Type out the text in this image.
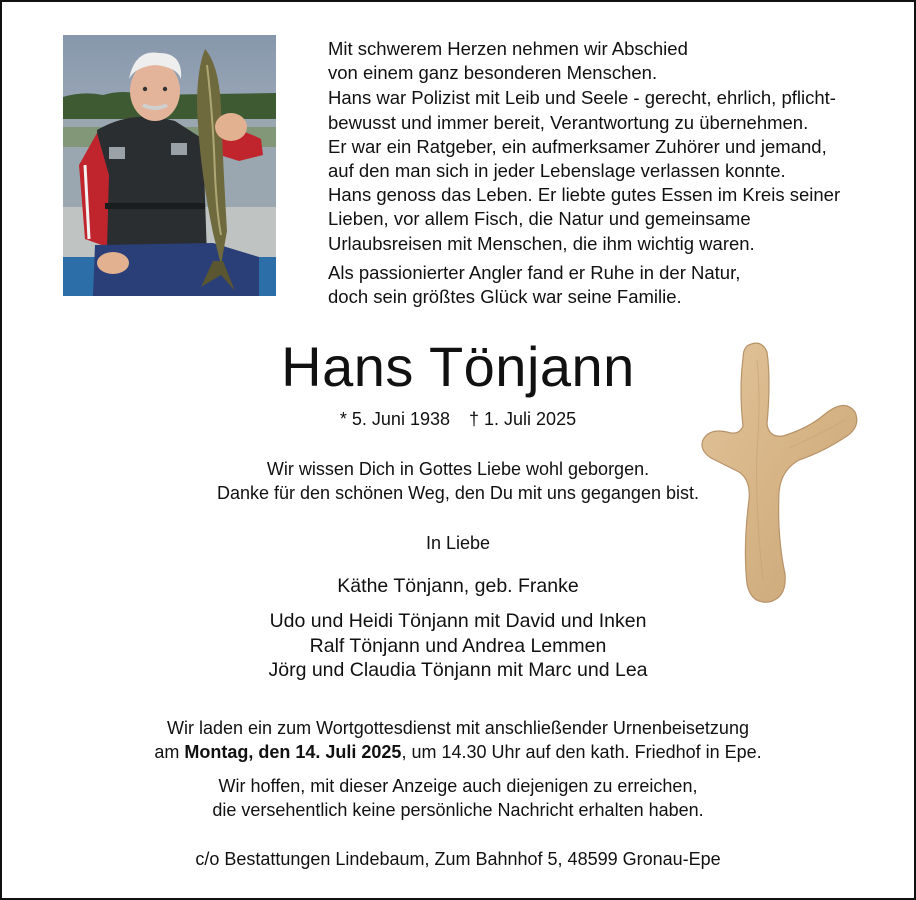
Mit schwerem Herzen nehmen wir Abschied
von einem ganz besonderen Menschen.

Hans war Polizist mit Leib und Seele - gerecht, ehrlich, pflicht-
bewusst und immer bereit, Verantwortung zu übernehmen.
Er war ein Ratgeber, ein aufmerksamer Zuhörer und jemand,
auf den man sich in jeder Lebenslage verlassen konnte.
Hans genoss das Leben. Er liebte gutes Essen im Kreis seiner
Lieben, vor allem Fisch, die Natur und gemeinsame
Urlaubsreisen mit Menschen, die ihm wichtig waren.

Als passionierter Angler fand er Ruhe in der Natur,
doch sein größtes Glück war seine Familie.

Hans Tönjann
* 5. Juni 1938 † 1. Juli 2025
Wir wissen Dich in Gottes Liebe wohl geborgen.
Danke für den schönen Weg, den Du mit uns gegangen bist.
In Liebe
Käthe Tönjann, geb. Franke
Udo und Heidi Tönjann mit David und Inken
Ralf Tönjann und Andrea Lemmen
Jörg und Claudia Tönjann mit Marc und Lea
Wir laden ein zum Wortgottesdienst mit anschließender Urnenbeisetzung
am Montag, den 14. Juli 2025, um 14.30 Uhr auf den kath. Friedhof in Epe.
Wir hoffen, mit dieser Anzeige auch diejenigen zu erreichen,
die versehentlich keine persönliche Nachricht erhalten haben.
c/o Bestattungen Lindebaum, Zum Bahnhof 5, 48599 Gronau-Epe
